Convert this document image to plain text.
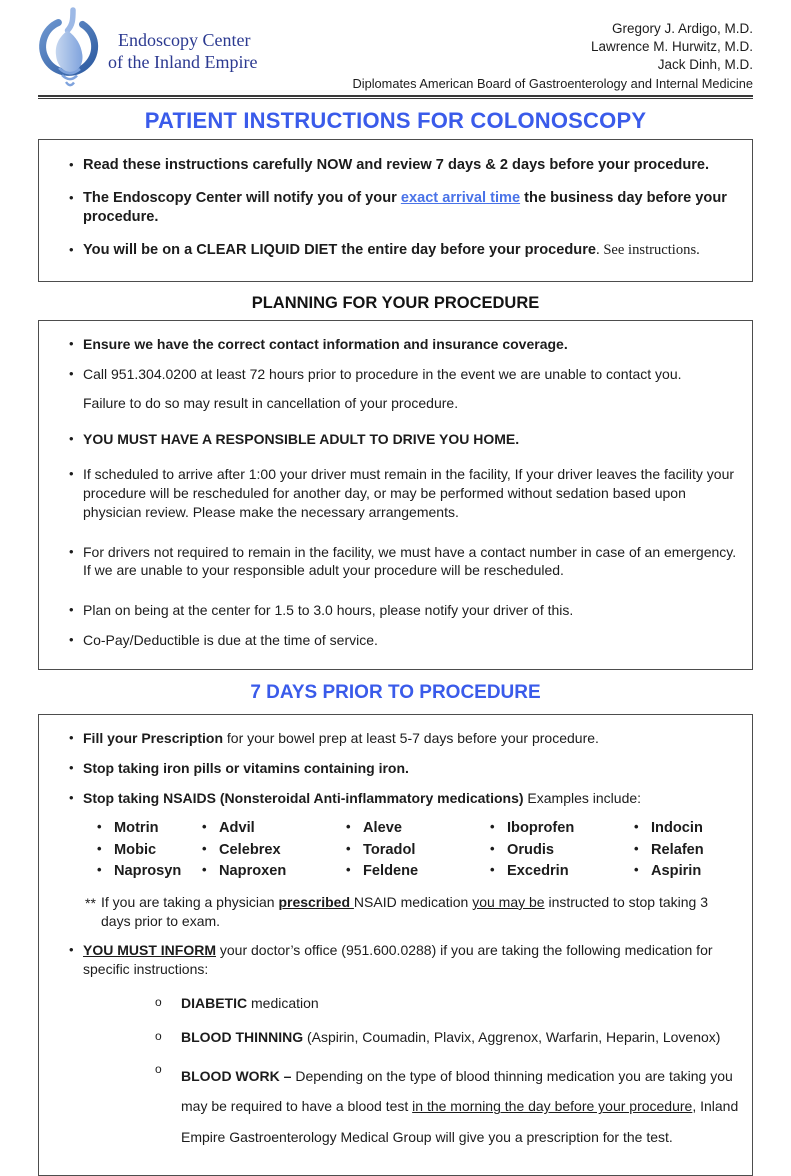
Endoscopy Center
of the Inland Empire
Gregory J. Ardigo, M.D.
Lawrence M. Hurwitz, M.D.
Jack Dinh, M.D.
Diplomates American Board of Gastroenterology and Internal Medicine
PATIENT INSTRUCTIONS FOR COLONOSCOPY
• Read these instructions carefully NOW and review 7 days & 2 days before your procedure.
• The Endoscopy Center will notify you of your exact arrival time the business day before your procedure.
• You will be on a CLEAR LIQUID DIET the entire day before your procedure. See instructions.
PLANNING FOR YOUR PROCEDURE
• Ensure we have the correct contact information and insurance coverage.
• Call 951.304.0200 at least 72 hours prior to procedure in the event we are unable to contact you.
Failure to do so may result in cancellation of your procedure.
• YOU MUST HAVE A RESPONSIBLE ADULT TO DRIVE YOU HOME.
• If scheduled to arrive after 1:00 your driver must remain in the facility, If your driver leaves the facility your procedure will be rescheduled for another day, or may be performed without sedation based upon physician review. Please make the necessary arrangements.
• For drivers not required to remain in the facility, we must have a contact number in case of an emergency. If we are unable to your responsible adult your procedure will be rescheduled.
• Plan on being at the center for 1.5 to 3.0 hours, please notify your driver of this.
• Co-Pay/Deductible is due at the time of service.
7 DAYS PRIOR TO PROCEDURE
• Fill your Prescription for your bowel prep at least 5-7 days before your procedure.
• Stop taking iron pills or vitamins containing iron.
• Stop taking NSAIDS (Nonsteroidal Anti-inflammatory medications) Examples include:
• Motrin
• Mobic
• Naprosyn
• Advil
• Celebrex
• Naproxen
• Aleve
• Toradol
• Feldene
• Iboprofen
• Orudis
• Excedrin
• Indocin
• Relafen
• Aspirin
** If you are taking a physician prescribed NSAID medication you may be instructed to stop taking 3 days prior to exam.
• YOU MUST INFORM your doctor’s office (951.600.0288) if you are taking the following medication for specific instructions:
o	DIABETIC medication
o	BLOOD THINNING (Aspirin, Coumadin, Plavix, Aggrenox, Warfarin, Heparin, Lovenox)
o	BLOOD WORK – Depending on the type of blood thinning medication you are taking you may be required to have a blood test in the morning the day before your procedure, Inland Empire Gastroenterology Medical Group will give you a prescription for the test.
